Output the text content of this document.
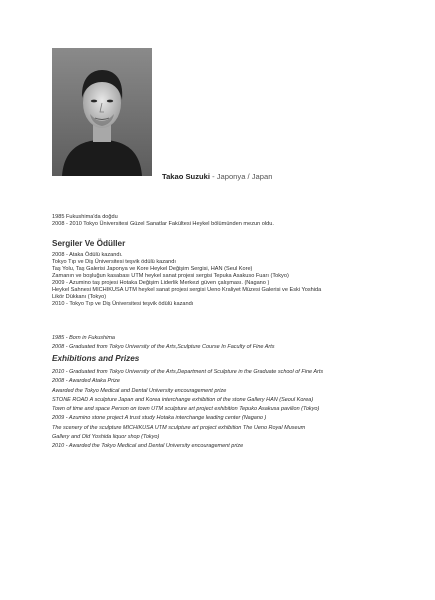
Takao Suzuki - Japonya / Japan
1985 Fukushima'da doğdu
2008 - 2010 Tokyo Üniversitesi Güzel Sanatlar Fakültesi Heykel bölümünden mezun oldu.
Sergiler Ve Ödüller
2008 - Ataka Ödülü kazandı.
Tokyo Tıp ve Diş Üniversitesi teşvik ödülü kazandı
Taş Yolu, Taş Galerisi Japonya ve Kore Heykel Değişim Sergisi, HAN (Seul Kore)
Zamanın ve boşluğun kasabası UTM heykel sanat projesi sergisi Tepuka Asakuso Fuarı (Tokyo)
2009 - Azumino taş projesi Hotaka Değişim Liderlik Merkezi güven çalışması. (Nagano )
Heykel Sahnesi MICHIKUSA UTM heykel sanat projesi sergisi Ueno Kraliyet Müzesi Galerisi ve Eski Yoshida
Likör Dükkanı (Tokyo)
2010 - Tokyo Tıp ve Diş Üniversitesi teşvik ödülü kazandı
1985 - Born in Fukushima
2008 - Graduated from Tokyo University of the Arts,Sculpture Course In Faculty of Fine Arts
Exhibitions and Prizes
2010 - Graduated from Tokyo University of the Arts,Department of Sculpture in the Graduate school of Fine Arts
2008 - Awarded Ataka Prize
Awarded the Tokyo Medical and Dental University encouragement prize
STONE ROAD A sculpture Japan and Korea interchange exhibition of the stone Gallery HAN (Seoul Korea)
Town of time and space Person on town UTM sculpture art project exhibition Tepuko Asakusa pavilion (Tokyo)
2009 - Azumino stone project A trust study Hotaka interchange leading center (Nagano )
The scenery of the sculpture MICHIKUSA UTM sculpture art project exhibition The Ueno Royal Museum
Gallery and Old Yoshida liquor shop (Tokyo)
2010 - Awarded the Tokyo Medical and Dental University encouragement prize
